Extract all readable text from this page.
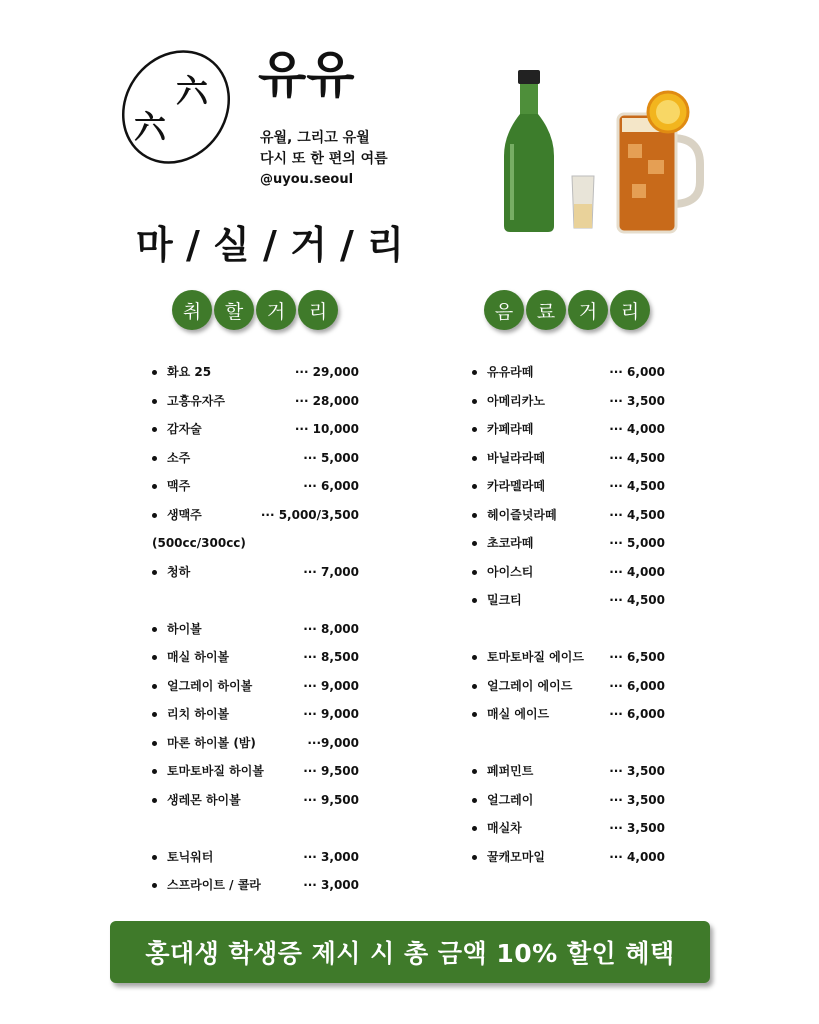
六
六
유유
유월, 그리고 유월
다시 또 한 편의 여름
@uyou.seoul
마 / 실 / 거 / 리
취	할	거	리	음	료	거	리
화요 25	··· 29,000
고흥유자주	··· 28,000
감자술	··· 10,000
소주	··· 5,000
맥주	··· 6,000
생맥주	··· 5,000/3,500
(500cc/300cc)
청하	··· 7,000
하이볼	··· 8,000
매실 하이볼	··· 8,500
얼그레이 하이볼	··· 9,000
리치 하이볼	··· 9,000
마론 하이볼 (밤)	···9,000
토마토바질 하이볼	··· 9,500
생레몬 하이볼	··· 9,500
토닉워터	··· 3,000
스프라이트 / 콜라	··· 3,000
유유라떼	··· 6,000
아메리카노	··· 3,500
카페라떼	··· 4,000
바닐라라떼	··· 4,500
카라멜라떼	··· 4,500
헤이즐넛라떼	··· 4,500
초코라떼	··· 5,000
아이스티	··· 4,000
밀크티	··· 4,500
토마토바질 에이드 ··· 6,500
얼그레이 에이드	··· 6,000
매실 에이드	··· 6,000
페퍼민트	··· 3,500
얼그레이	··· 3,500
매실차	··· 3,500
꿀캐모마일	··· 4,000
홍대생 학생증 제시 시 총 금액 10% 할인 혜택
